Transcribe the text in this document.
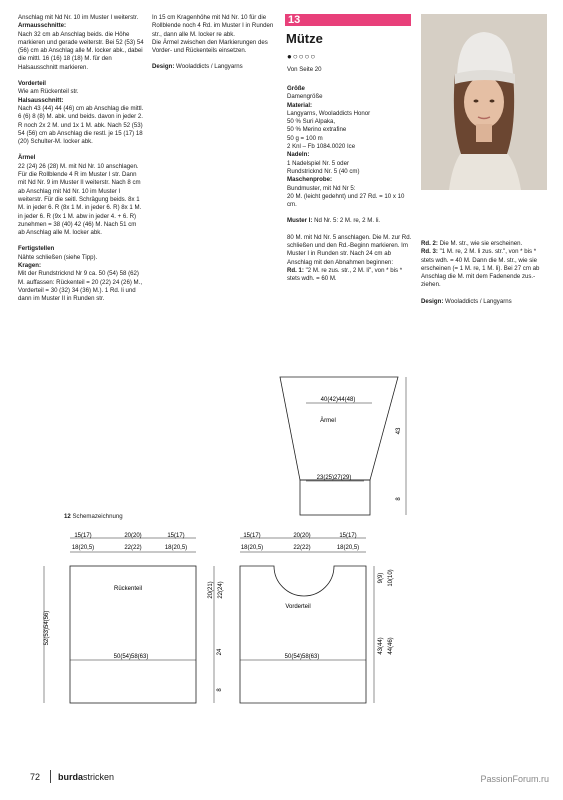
Anschlag mit Nd Nr. 10 im Muster I weiterstr.

Armausschnitte:

Nach 32 cm ab Anschlag beids. die Höhe markieren und gerade weiterstr. Bei 52 (53) 54 (56) cm ab Anschlag alle M. locker abk., dabei die mittl. 16 (16) 18 (18) M. für den Halsausschnitt markieren.

Vorderteil

Wie am Rückenteil str.

Halsausschnitt:

Nach 43 (44) 44 (46) cm ab Anschlag die mittl. 6 (6) 8 (8) M. abk. und beids. davon in jeder 2. R noch 2x 2 M. und 1x 1 M. abk. Nach 52 (53) 54 (56) cm ab Anschlag die restl. je 15 (17) 18 (20) Schulter-M. locker abk.

Ärmel

22 (24) 26 (28) M. mit Nd Nr. 10 anschlagen. Für die Rollblende 4 R im Muster I str. Dann mit Nd Nr. 9 im Muster II weiterstr. Nach 8 cm ab Anschlag mit Nd Nr. 10 im Muster I weiterstr. Für die seitl. Schrägung beids. 8x 1 M. in jeder 6. R (8x 1 M. in jeder 6. R) 8x 1 M. in jeder 6. R (9x 1 M. abw in jeder 4. + 6. R) zunehmen = 38 (40) 42 (46) M. Nach 51 cm ab Anschlag alle M. locker abk.

Fertigstellen

Nähte schließen (siehe Tipp).

Kragen:

Mit der Rundstricknd Nr 9 ca. 50 (54) 58 (62) M. auffassen: Rückenteil = 20 (22) 24 (26) M., Vorderteil = 30 (32) 34 (36) M.). 1 Rd. li und dann im Muster II in Runden str.

In 15 cm Kragenhöhe mit Nd Nr. 10 für die Rollblende noch 4 Rd. im Muster I in Runden str., dann alle M. locker re abk.

Die Ärmel zwischen den Markierungen des Vorder- und Rückenteils einsetzen.

Design: Wooladdicts / Langyarns

13
Mütze
●○○○○
Von Seite 20

Größe

Damengröße

Material:

Langyarns, Wooladdicts Honor

50 % Suri Alpaka,

50 % Merino extrafine

50 g = 100 m

2 Knl – Fb 1084.0020 Ice

Nadeln:

1 Nadelspiel Nr. 5 oder

Rundstricknd Nr. 5 (40 cm)

Maschenprobe:

Bundmuster, mit Nd Nr 5:

20 M. (leicht gedehnt) und 27 Rd. = 10 x 10 cm.

Muster I: Nd Nr. 5: 2 M. re, 2 M. li.

80 M. mit Nd Nr. 5 anschlagen. Die M. zur Rd. schließen und den Rd.-Beginn markieren. Im Muster I in Runden str. Nach 24 cm ab Anschlag mit den Abnahmen beginnen:

Rd. 1: "2 M. re zus. str., 2 M. li", von * bis * stets wdh. = 60 M.

Rd. 2: Die M. str., wie sie erscheinen.

Rd. 3: "1 M. re, 2 M. li zus. str.", von * bis * stets wdh. = 40 M. Dann die M. str., wie sie erscheinen (= 1 M. re, 1 M. li). Bei 27 cm ab Anschlag die M. mit dem Fadenende zus.-ziehen.

Design: Wooladdicts / Langyarns

40(42)44(48)
Ärmel
23(25)27(29)
43
8
12 Schemazeichnung
15(17)	20(20)	15(17)
18(20,5)	22(22)	18(20,5)
Rückenteil
50(54)58(63)
52(53)54(56)
20(21) 22(24)
24
8
15(17)	20(20)	15(17)
18(20,5)	22(22)	18(20,5)
Vorderteil
50(54)58(63)
9(9) 10(10)
43(44) 44(46)
72 burdastricken	PassionForum.ru
